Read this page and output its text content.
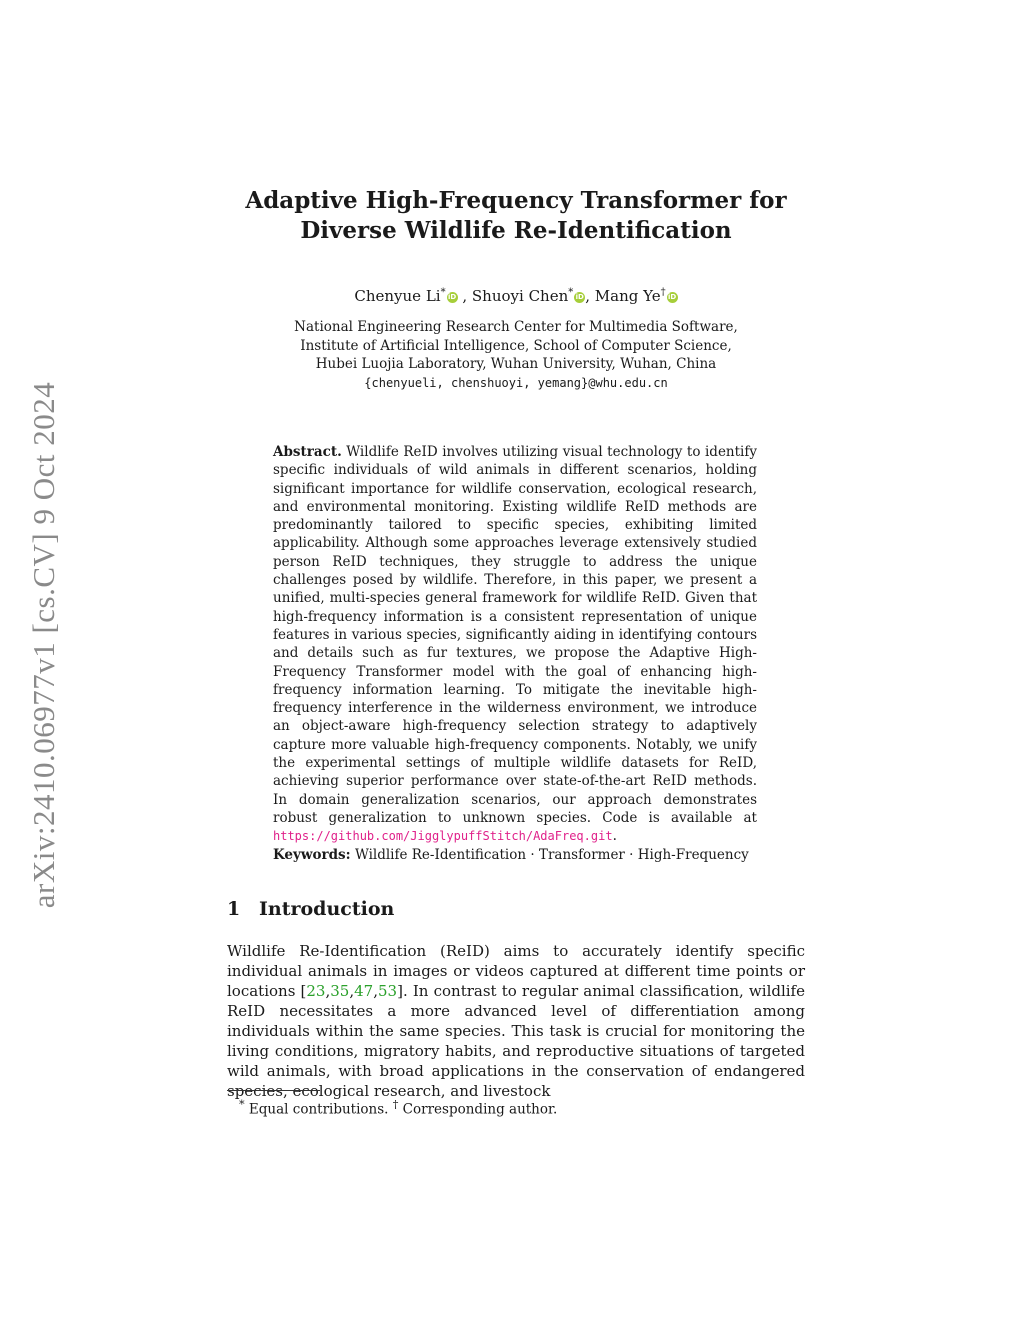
arXiv:2410.06977v1 [cs.CV] 9 Oct 2024
Adaptive High-Frequency Transformer for
Diverse Wildlife Re-Identification
Chenyue Li* iD , Shuoyi Chen* iD, Mang Ye† iD
National Engineering Research Center for Multimedia Software,
Institute of Artificial Intelligence, School of Computer Science,
Hubei Luojia Laboratory, Wuhan University, Wuhan, China
{chenyueli, chenshuoyi, yemang}@whu.edu.cn
Abstract. Wildlife ReID involves utilizing visual technology to identify specific individuals of wild animals in different scenarios, holding significant importance for wildlife conservation, ecological research, and environmental monitoring. Existing wildlife ReID methods are predominantly tailored to specific species, exhibiting limited applicability. Although some approaches leverage extensively studied person ReID techniques, they struggle to address the unique challenges posed by wildlife. Therefore, in this paper, we present a unified, multi-species general framework for wildlife ReID. Given that high-frequency information is a consistent representation of unique features in various species, significantly aiding in identifying contours and details such as fur textures, we propose the Adaptive High-Frequency Transformer model with the goal of enhancing high-frequency information learning. To mitigate the inevitable high-frequency interference in the wilderness environment, we introduce an object-aware high-frequency selection strategy to adaptively capture more valuable high-frequency components. Notably, we unify the experimental settings of multiple wildlife datasets for ReID, achieving superior performance over state-of-the-art ReID methods. In domain generalization scenarios, our approach demonstrates robust generalization to unknown species. Code is available at https://github.com/JigglypuffStitch/AdaFreq.git.
Keywords: Wildlife Re-Identification · Transformer · High-Frequency
1 Introduction
Wildlife Re-Identification (ReID) aims to accurately identify specific individual animals in images or videos captured at different time points or locations [23,35,47,53]. In contrast to regular animal classification, wildlife ReID necessitates a more advanced level of differentiation among individuals within the same species. This task is crucial for monitoring the living conditions, migratory habits, and reproductive situations of targeted wild animals, with broad applications in the conservation of endangered species, ecological research, and livestock
* Equal contributions. † Corresponding author.
